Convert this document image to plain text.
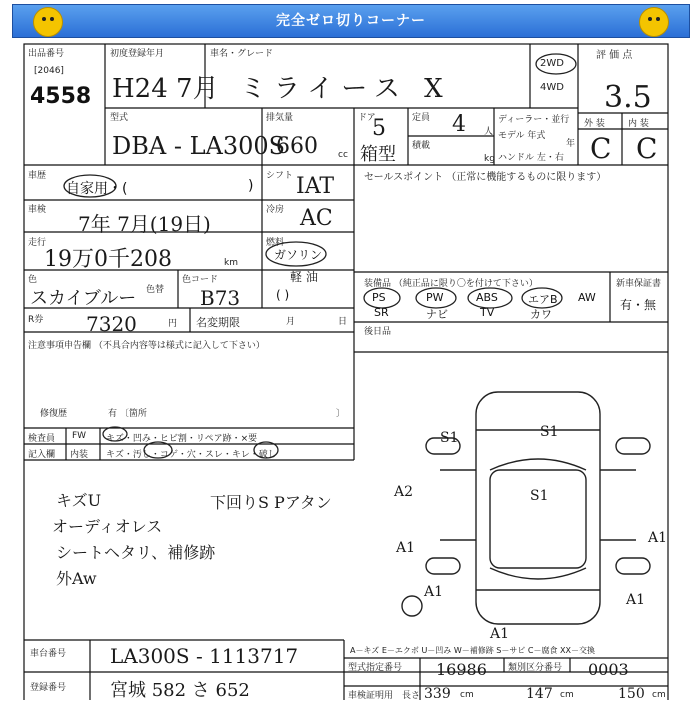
完全ゼロ切りコーナー
出品番号
[2046]
4558
初度登録年月
H24 7月
車名・グレード
ミライース X
2WD
4WD
評 価 点
3.5
外 装	内 装
C C
型式
DBA - LA300S
排気量
660 cc
ドア
5
箱型
定員 4 人
積載
kg
ディーラー・並行
モデル 年式
年
ハンドル 左・右
車歴
自家用・(	)
シフト IAT	セールスポイント （正常に機能するものに限ります）
車検
7年 7月(19日)
冷房 AC
走行
19万0千208	km
燃料
ガソリン
軽 油
( )
色
スカイブルー 色替
色コード
B73
装備品 （純正品に限り〇を付けて下さい）
PS	PW	ABS	エアB AW
SR	ナビ	TV	カワ
新車保証書
有・無
R券 7320	円 名変期限	月	日
後日品
注意事項申告欄 （不具合内容等は様式に記入して下さい）
修復歴	有 〔箇所	〕
検査員 FW キズ・凹み・ヒビ割・リペア跡・×要
記入欄 内装 キズ・汚し・コゲ・穴・スレ・キレ・破し
キズU
オーディオレス
シートヘタリ、補修跡
外Aw
下回りS Pアタン
S1
S1
A2	S1
A1
A1
A1	A1
A1
A－キズ E－エクボ U－凹み W－補修跡 S－サビ C－腐食 XX－交換
車台番号 LA300S - 1113717
登録番号 宮城 582 さ 652
型式指定番号 16986 類別区分番号 0003
車検証明用 長さ 339 cm	147 cm	150 cm
